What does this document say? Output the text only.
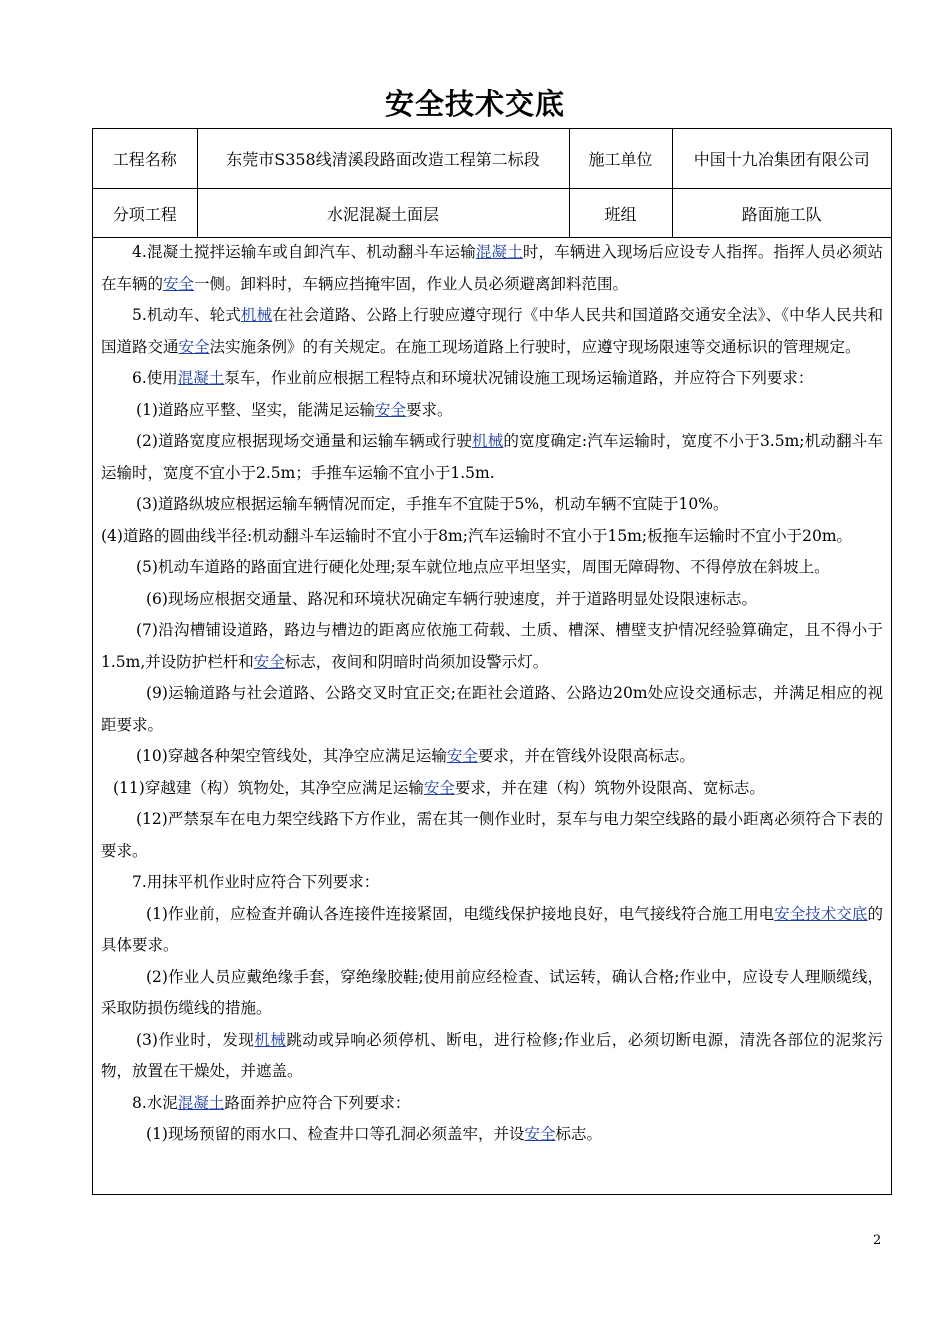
安全技术交底
工程名称	东莞市S358线清溪段路面改造工程第二标段	施工单位	中国十九冶集团有限公司
分项工程	水泥混凝土面层	班组	路面施工队

4.混凝土搅拌运输车或自卸汽车、机动翻斗车运输混凝土时，车辆进入现场后应设专人指挥。指挥人员必须站在车辆的安全一侧。卸料时，车辆应挡掩牢固，作业人员必须避离卸料范围。

5.机动车、轮式机械在社会道路、公路上行驶应遵守现行《中华人民共和国道路交通安全法》、《中华人民共和国道路交通安全法实施条例》的有关规定。在施工现场道路上行驶时，应遵守现场限速等交通标识的管理规定。

6.使用混凝土泵车，作业前应根据工程特点和环境状况铺设施工现场运输道路，并应符合下列要求：

(1)道路应平整、坚实，能满足运输安全要求。

(2)道路宽度应根据现场交通量和运输车辆或行驶机械的宽度确定:汽车运输时，宽度不小于3.5m;机动翻斗车运输时，宽度不宜小于2.5m；手推车运输不宜小于1.5m.

(3)道路纵坡应根据运输车辆情况而定，手推车不宜陡于5%，机动车辆不宜陡于10%。

(4)道路的圆曲线半径:机动翻斗车运输时不宜小于8m;汽车运输时不宜小于15m;板拖车运输时不宜小于20m。

(5)机动车道路的路面宜进行硬化处理;泵车就位地点应平坦坚实，周围无障碍物、不得停放在斜坡上。

(6)现场应根据交通量、路况和环境状况确定车辆行驶速度，并于道路明显处设限速标志。

(7)沿沟槽铺设道路，路边与槽边的距离应依施工荷载、土质、槽深、槽壁支护情况经验算确定，且不得小于1.5m,并设防护栏杆和安全标志，夜间和阴暗时尚须加设警示灯。

(9)运输道路与社会道路、公路交叉时宜正交;在距社会道路、公路边20m处应设交通标志，并满足相应的视距要求。

(10)穿越各种架空管线处，其净空应满足运输安全要求，并在管线外设限高标志。

(11)穿越建（构）筑物处，其净空应满足运输安全要求，并在建（构）筑物外设限高、宽标志。

(12)严禁泵车在电力架空线路下方作业，需在其一侧作业时，泵车与电力架空线路的最小距离必须符合下表的要求。

7.用抹平机作业时应符合下列要求：

(1)作业前，应检查并确认各连接件连接紧固，电缆线保护接地良好，电气接线符合施工用电安全技术交底的具体要求。

(2)作业人员应戴绝缘手套，穿绝缘胶鞋;使用前应经检查、试运转，确认合格;作业中，应设专人理顺缆线，采取防损伤缆线的措施。

(3)作业时，发现机械跳动或异响必须停机、断电，进行检修;作业后，必须切断电源，清洗各部位的泥浆污物，放置在干燥处，并遮盖。

8.水泥混凝土路面养护应符合下列要求：

(1)现场预留的雨水口、检查井口等孔洞必须盖牢，并设安全标志。

2
